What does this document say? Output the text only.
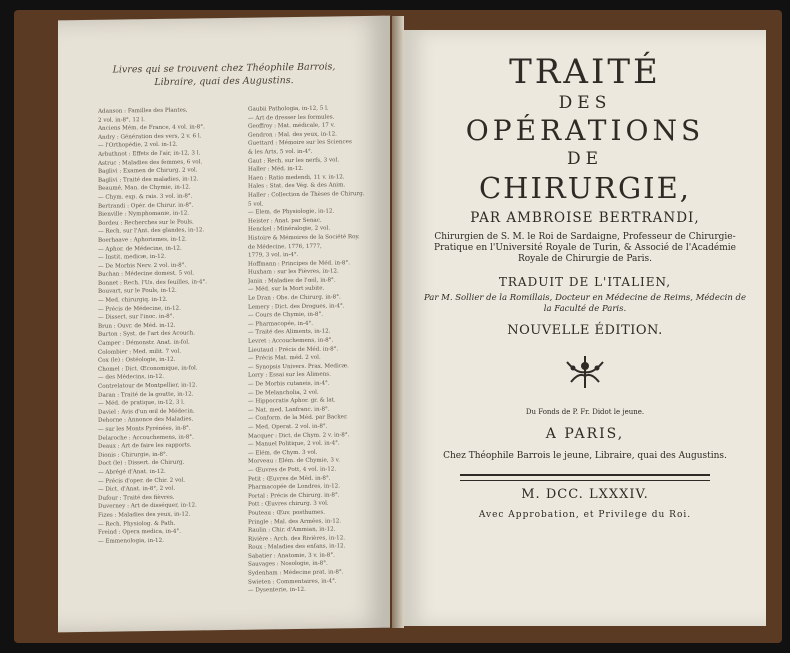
Livres qui se trouvent chez Théophile Barrois,
Libraire, quai des Augustins.
Adanson : Familles des Plantes,
2 vol. in-8°, 12 l.
Anciens Mém. de France, 4 vol. in-8°.
Andry : Génération des vers, 2 v. 6 l.
— l'Orthopédie, 2 vol. in-12.
Arbuthnot : Effets de l'air, in-12, 3 l.
Astruc : Maladies des femmes, 6 vol.
Baglivi : Examen de Chirurg. 2 vol.
Baglivi : Traité des maladies, in-12.
Beaumé, Man. de Chymie, in-12.
— Chym. exp. & rais. 3 vol. in-8°.
Bertrandi : Opér. de Chirur. in-8°.
Bienville : Nymphomanie, in-12.
Bordeu : Recherches sur le Pouls.
— Rech. sur l'Ant. des glandes, in-12.
Boerhaave : Aphorismes, in-12.
— Aphor. de Médecine, in-12.
— Instit. medicæ, in-12.
— De Morbis Nerv. 2 vol. in-8°.
Buchan : Médecine domest. 5 vol.
Bonnet : Rech. l'Us. des feuilles, in-4°.
Bouvart, sur le Pouls, in-12.
— Med. chirurgiq. in-12.
— Précis de Médecine, in-12.
— Dissert. sur l'inoc. in-8°.
Brun : Ouvr. de Méd. in-12.
Burton : Syst. de l'art des Acouch.
Camper : Démonstr. Anat. in-fol.
Colombier : Med. milit. 7 vol.
Cox (le) : Ostéologie, in-12.
Chomel : Dict. Œconomique, in-fol.
— des Médecins, in-12.
Contrelatour de Montpellier, in-12.
Daran : Traité de la goutte, in-12.
— Méd. de pratique, in-12, 3 l.
Daviel : Avis d'un œil de Médecin.
Dehorne : Annonce des Maladies.
— sur les Monts Pyrénées, in-8°.
Delaroche : Accouchemens, in-8°.
Deaux : Art de faire les rapports.
Dionis : Chirurgie, in-8°.
Doct (le) : Dissert. de Chirurg.
— Abrégé d'Anat. in-12.
— Précis d'oper. de Chir. 2 vol.
— Dict. d'Anat. in-8°, 2 vol.
Dufour : Traité des fièvres.
Duverney : Art de disséquer, in-12.
Fizes : Maladies des yeux, in-12.
— Rech. Physiolog. & Path.
Freind : Opera medica, in-4°.
— Emmenologia, in-12.
Gaubii Pathologia, in-12, 5 l.
— Art de dresser les formules.
Geoffroy : Mat. médicale, 17 v.
Gendron : Mal. des yeux, in-12.
Guettard : Mémoire sur les Sciences
& les Arts, 5 vol. in-4°.
Gaut : Rech. sur les nerfs, 3 vol.
Haller : Méd. in-12.
Haen : Ratio medendi, 11 v. in-12.
Hales : Stat. des Vég. & des Anim.
Haller : Collection de Thèses de Chirurg.
5 vol.
— Elem. de Physiologie, in-12.
Heister : Anat. par Senac.
Henckel : Minéralogie, 2 vol.
Histoire & Mémoires de la Société Roy.
de Médecine, 1776, 1777,
1779, 3 vol. in-4°.
Hoffmann : Principes de Méd. in-8°.
Huxham : sur les Fièvres, in-12.
Janin : Maladies de l'œil, in-8°.
— Méd. sur la Mort subite.
Le Dran : Obs. de Chirurg. in-8°.
Lemery : Dict. des Drogues, in-4°.
— Cours de Chymie, in-8°.
— Pharmacopée, in-4°.
— Traité des Aliments, in-12.
Levret : Accouchemens, in-8°.
Lieutaud : Précis de Méd. in-8°.
— Précis Mat. méd. 2 vol.
— Synopsis Univers. Prax. Medicæ.
Lorry : Essai sur les Alimens.
— De Morbis cutaneis, in-4°.
— De Melancholia, 2 vol.
— Hippocratis Aphor. gr. & lat.
— Nat. med. Lanfranc. in-8°.
— Conform. de la Méd. par Backer.
— Med. Operat. 2 vol. in-8°.
Macquer : Dict. de Chym. 2 v. in-8°.
— Manuel Politique, 2 vol. in-4°.
— Elém. de Chym. 3 vol.
Morveau : Elém. de Chymie, 3 v.
— Œuvres de Pott, 4 vol. in-12.
Petit : Œuvres de Méd. in-8°.
Pharmacopée de Londres, in-12.
Portal : Précis de Chirurg. in-8°.
Pott : Œuvres chirurg. 3 vol.
Pouteau : Œuv. posthumes.
Pringle : Mal. des Armées, in-12.
Raulin : Chir. d'Ammian, in-12.
Rivière : Arch. des Rivières, in-12.
Roux : Maladies des enfans, in-12.
Sabatier : Anatomie, 3 v. in-8°.
Sauvages : Nosologie, in-8°.
Sydenham : Médecine prat. in-8°.
Swieten : Commentaires, in-4°.
— Dysenterie, in-12.
TRAITÉ
DES
OPÉRATIONS
DE
CHIRURGIE,
PAR AMBROISE BERTRANDI,
Chirurgien de S. M. le Roi de Sardaigne, Professeur de Chirurgie-Pratique en l'Université Royale de Turin, & Associé de l'Académie Royale de Chirurgie de Paris.
TRADUIT DE L'ITALIEN,
Par M. Sollier de la Romillais, Docteur en Médecine de Reims, Médecin de la Faculté de Paris.
NOUVELLE ÉDITION.
Du Fonds de P. Fr. Didot le jeune.
A PARIS,
Chez Théophile Barrois le jeune, Libraire, quai des Augustins.
M. DCC. LXXXIV.
Avec Approbation, et Privilege du Roi.
